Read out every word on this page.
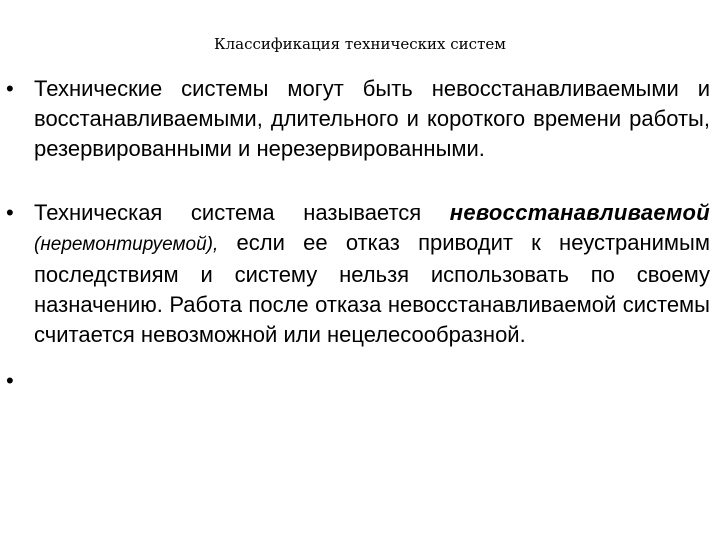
Классификация технических систем
• Технические системы могут быть невосстанавливаемыми и восстанавливаемыми, длительного и короткого времени работы, резервированными и нерезервированными.
• Техническая система называется невосстанавливаемой (неремонтируемой), если ее отказ приводит к неустранимым последствиям и систему нельзя использовать по своему назначению. Работа после отказа невосстанавливаемой системы считается невозможной или нецелесообразной.
•
